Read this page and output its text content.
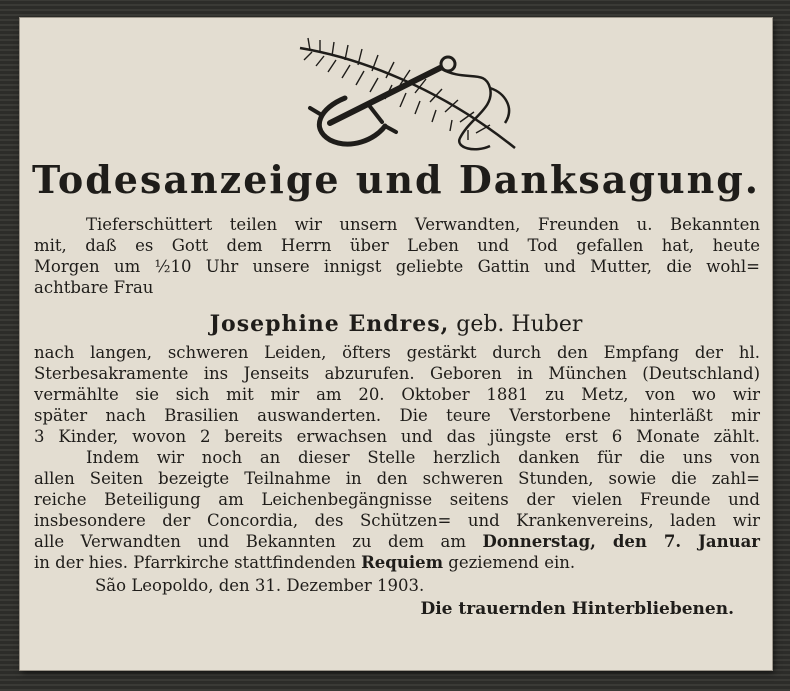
Todesanzeige und Danksagung.
Tieferschüttert teilen wir unsern Verwandten, Freunden u. Bekannten
mit, daß es Gott dem Herrn über Leben und Tod gefallen hat, heute
Morgen um ½10 Uhr unsere innigst geliebte Gattin und Mutter, die wohl=
achtbare Frau
Josephine Endres, geb. Huber
nach langen, schweren Leiden, öfters gestärkt durch den Empfang der hl.
Sterbesakramente ins Jenseits abzurufen. Geboren in München (Deutschland)
vermählte sie sich mit mir am 20. Oktober 1881 zu Metz, von wo wir
später nach Brasilien auswanderten. Die teure Verstorbene hinterläßt mir
3 Kinder, wovon 2 bereits erwachsen und das jüngste erst 6 Monate zählt.
Indem wir noch an dieser Stelle herzlich danken für die uns von
allen Seiten bezeigte Teilnahme in den schweren Stunden, sowie die zahl=
reiche Beteiligung am Leichenbegängnisse seitens der vielen Freunde und
insbesondere der Concordia, des Schützen= und Krankenvereins, laden wir
alle Verwandten und Bekannten zu dem am Donnerstag, den 7. Januar
in der hies. Pfarrkirche stattfindenden Requiem geziemend ein.
São Leopoldo, den 31. Dezember 1903.
Die trauernden Hinterbliebenen.
